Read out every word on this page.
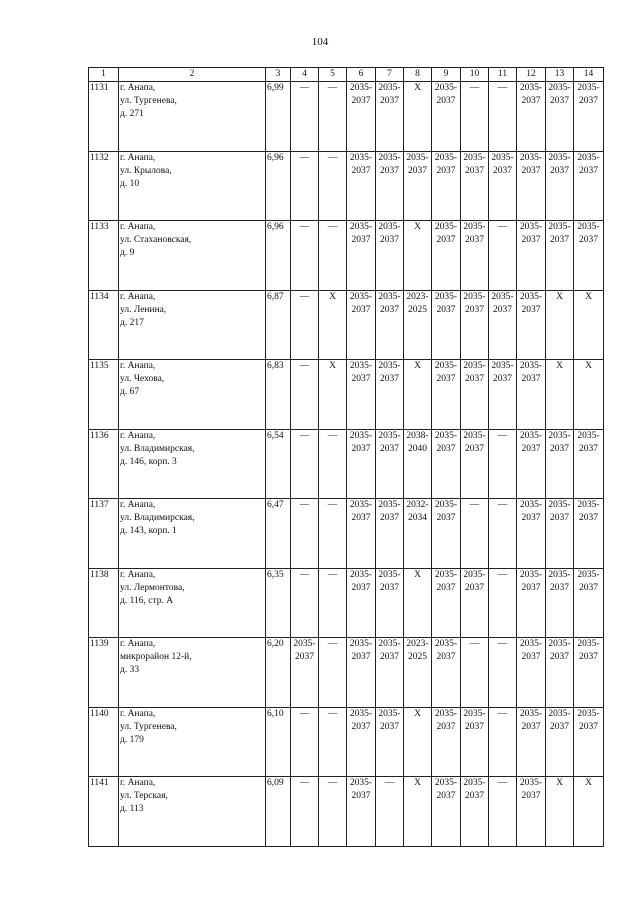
104
1	2	3	4	5	6	7	8	9	10	11	12	13	14
1131	г. Анапа,
ул. Тургенева,
д. 271	6,99	—	—	2035-
2037	2035-
2037	X	2035-
2037	—	—	2035-
2037	2035-
2037	2035-
2037
1132	г. Анапа,
ул. Крылова,
д. 10	6,96	—	—	2035-
2037	2035-
2037	2035-
2037	2035-
2037	2035-
2037	2035-
2037	2035-
2037	2035-
2037	2035-
2037
1133	г. Анапа,
ул. Стахановская,
д. 9	6,96	—	—	2035-
2037	2035-
2037	X	2035-
2037	2035-
2037	—	2035-
2037	2035-
2037	2035-
2037
1134	г. Анапа,
ул. Ленина,
д. 217	6,87	—	X	2035-
2037	2035-
2037	2023-
2025	2035-
2037	2035-
2037	2035-
2037	2035-
2037	X	X
1135	г. Анапа,
ул. Чехова,
д. 67	6,83	—	X	2035-
2037	2035-
2037	X	2035-
2037	2035-
2037	2035-
2037	2035-
2037	X	X
1136	г. Анапа,
ул. Владимирская,
д. 146, корп. 3	6,54	—	—	2035-
2037	2035-
2037	2038-
2040	2035-
2037	2035-
2037	—	2035-
2037	2035-
2037	2035-
2037
1137	г. Анапа,
ул. Владимирская,
д. 143, корп. 1	6,47	—	—	2035-
2037	2035-
2037	2032-
2034	2035-
2037	—	—	2035-
2037	2035-
2037	2035-
2037
1138	г. Анапа,
ул. Лермонтова,
д. 116, стр. А	6,35	—	—	2035-
2037	2035-
2037	X	2035-
2037	2035-
2037	—	2035-
2037	2035-
2037	2035-
2037
1139	г. Анапа,
микрорайон 12-й,
д. 33	6,20	2035-
2037	—	2035-
2037	2035-
2037	2023-
2025	2035-
2037	—	—	2035-
2037	2035-
2037	2035-
2037
1140	г. Анапа,
ул. Тургенева,
д. 179	6,10	—	—	2035-
2037	2035-
2037	X	2035-
2037	2035-
2037	—	2035-
2037	2035-
2037	2035-
2037
1141	г. Анапа,
ул. Терская,
д. 113	6,09	—	—	2035-
2037	—	X	2035-
2037	2035-
2037	—	2035-
2037	X	X
